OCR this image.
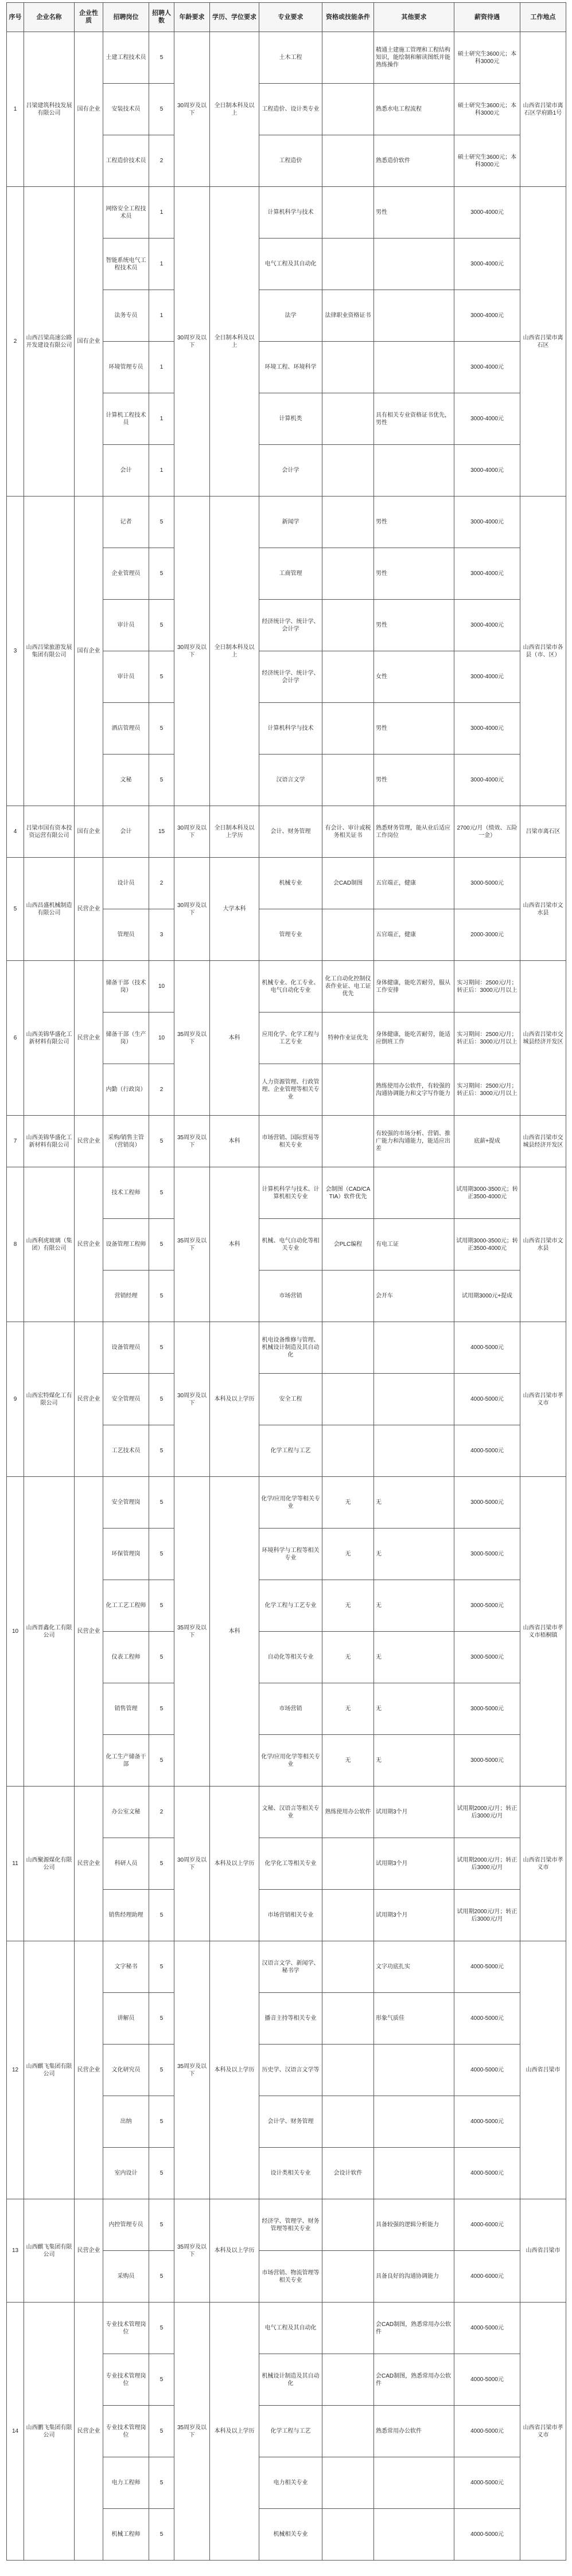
序号	企业名称	企业性质	招聘岗位	招聘人数	年龄要求	学历、学位要求	专业要求	资格或技能条件	其他要求	薪资待遇	工作地点
1	吕梁建筑科技发展有限公司	国有企业	土建工程技术员	5	30周岁及以下	全日制本科及以上	土木工程		精通土建施工管理和工程结构知识，能绘制和解读图纸并能熟练操作	硕士研究生3600元；本科3000元	山西省吕梁市离石区学府路1号
			安装技术员	5			工程造价、设计类专业		熟悉水电工程流程	硕士研究生3600元；本科3000元	
			工程造价技术员	2			工程造价		熟悉造价软件	硕士研究生3600元；本科3000元	
2	山西吕梁高速公路开发建设有限公司	国有企业	网络安全工程技术员	1	30周岁及以下	全日制本科及以上	计算机科学与技术		男性	3000-4000元	山西省吕梁市离石区
			智能系统电气工程技术员	1			电气工程及其自动化			3000-4000元	
			法务专员	1			法学	法律职业资格证书		3000-4000元	
			环境管理专员	1			环境工程、环境科学			3000-4000元	
			计算机工程技术员	1			计算机类		具有相关专业资格证书优先，男性	3000-4000元	
			会计	1			会计学			3000-4000元	
3	山西吕梁旅游发展集团有限公司	国有企业	记者	5	30周岁及以下	全日制本科及以上	新闻学		男性	3000-4000元	山西省吕梁市各县（市、区）
			企业管理员	5			工商管理		男性	3000-4000元	
			审计员	5			经济统计学、统计学、会计学		男性	3000-4000元	
			审计员	5			经济统计学、统计学、会计学		女性	3000-4000元	
			酒店管理员	5			计算机科学与技术		男性	3000-4000元	
			文秘	5			汉语言文学		男性	3000-4000元	
4	吕梁市国有资本投资运营有限公司	国有企业	会计	15	30周岁及以下	全日制本科及以上学历	会计、财务管理	有会计、审计或税务相关证书	熟悉财务管理，能从业后适应工作岗位	2700元/月（绩效、五险一金）	吕梁市离石区
5	山西昌盛机械制造有限公司	民营企业	设计员	2	30周岁及以下	大学本科	机械专业	会CAD制图	五官端正，健康	3000-5000元	山西省吕梁市文水县
			管理员	3			管理专业		五官端正，健康	2000-3000元	
6	山西美锦华盛化工新材料有限公司	民营企业	储备干部（技术岗）	10	35周岁及以下	本科	机械专业、化工专业、电气自动化专业	化工自动化控制仪表作业证、电工证优先	身体健康，能吃苦耐劳，服从工作安排	实习期间：2500元/月；转正后：3000元/月以上	山西省吕梁市交城县经济开发区
			储备干部（生产岗）	10			应用化学、化学工程与工艺专业	特种作业证优先	身体健康，能吃苦耐劳，能适应倒班工作	实习期间：2500元/月；转正后：3000元/月以上	
			内勤（行政岗）	2			人力资源管理、行政管理、企业管理等相关专业		熟练使用办公软件，有较强的沟通协调能力和文字写作能力	实习期间：2500元/月；转正后：3000元/月以上	
7	山西美锦华盛化工新材料有限公司	民营企业	采购/销售主管（营销岗）	5	35周岁及以下	本科	市场营销、国际贸易等相关专业		有较强的市场分析、营销、推广能力和沟通能力，能适应出差	底薪+提成	山西省吕梁市交城县经济开发区
8	山西利虎玻璃（集团）有限公司	民营企业	技术工程师	5	35周岁及以下	本科	计算机科学与技术、计算机相关专业	会制图（CAD/CATIA）软件优先		试用期3000-3500元；转正3500-4000元	山西省吕梁市文水县
			设备管理工程师	5			机械、电气自动化等相关专业	会PLC编程	有电工证	试用期3000-3500元；转正3500-4000元	
			营销经理	5			市场营销		会开车	试用期3000元+提成	
9	山西宏特煤化工有限公司	民营企业	设备管理员	5	30周岁及以下	本科及以上学历	机电设备维修与管理、机械设计制造及其自动化			4000-5000元	山西省吕梁市孝义市
			安全管理员	5			安全工程			4000-5000元	
			工艺技术员	5			化学工程与工艺			4000-5000元	
10	山西晋鑫化工有限公司	民营企业	安全管理岗	5	35周岁及以下	本科	化学/应用化学等相关专业	无	无	3000-5000元	山西省吕梁市孝义市梧桐镇
			环保管理岗	5			环境科学与工程等相关专业	无	无	3000-5000元	
			化工工艺工程师	5			化学工程与工艺专业	无	无	3000-5000元	
			仪表工程师	5			自动化等相关专业	无	无	3000-5000元	
			销售管理	5			市场营销	无	无	3000-5000元	
			化工生产储备干部	5			化学/应用化学等相关专业	无	无	3000-5000元	
11	山西聚源煤化有限公司	民营企业	办公室文秘	2	30周岁及以下	本科及以上学历	文秘、汉语言等相关专业	熟练使用办公软件	试用期3个月	试用期2000元/月；转正后3000元/月	山西省吕梁市孝义市
			科研人员	5			化学化工等相关专业		试用期3个月	试用期2000元/月；转正后3000元/月	
			销售经理助理	5			市场营销相关专业		试用期3个月	试用期2000元/月；转正后3000元/月	
12	山西麒飞集团有限公司	民营企业	文字秘书	5	35周岁及以下	本科及以上学历	汉语言文学、新闻学、秘书学		文字功底扎实	4000-5000元	山西省吕梁市
			讲解员	5			播音主持等相关专业		形象气质佳	4000-5000元	
			文化研究员	5			历史学、汉语言文学等			4000-5000元	
			出纳	5			会计学、财务管理			4000-5000元	
			室内设计	5			设计类相关专业	会设计软件		4000-5000元	
13	山西麒飞集团有限公司	民营企业	内控管理专员	5	35周岁及以下	本科及以上学历	经济学、管理学、财务管理等相关专业		具备较强的逻辑分析能力	4000-6000元	山西省吕梁市
			采购员	5			市场营销、物流管理等相关专业		具备良好的沟通协调能力	4000-6000元	
14	山西鹏飞集团有限公司	民营企业	专业技术管理岗位	5	35周岁及以下	本科及以上学历	电气工程及其自动化		会CAD制图，熟悉常用办公软件	4000-5000元	山西省吕梁市孝义市
			专业技术管理岗位	5			机械设计制造及其自动化		会CAD制图，熟悉常用办公软件	4000-5000元	
			专业技术管理岗位	5			化学工程与工艺		熟悉常用办公软件	4000-5000元	
			电力工程师	5			电力相关专业			4000-5000元	
			机械工程师	5			机械相关专业			4000-5000元	
